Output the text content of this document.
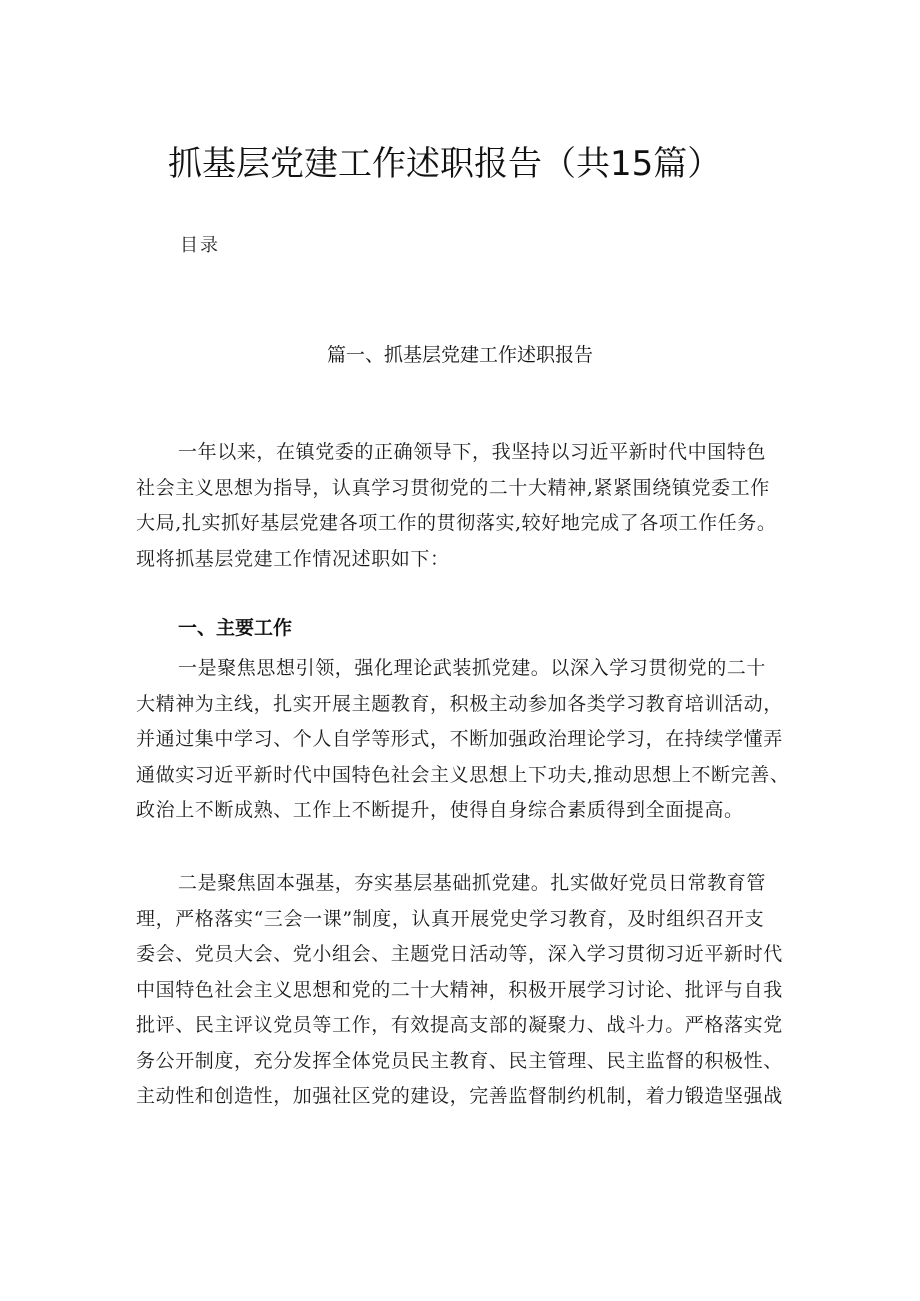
抓基层党建工作述职报告（共15篇）
目录
篇一、抓基层党建工作述职报告
一年以来，在镇党委的正确领导下，我坚持以习近平新时代中国特色
社会主义思想为指导，认真学习贯彻党的二十大精神,紧紧围绕镇党委工作
大局,扎实抓好基层党建各项工作的贯彻落实,较好地完成了各项工作任务。
现将抓基层党建工作情况述职如下：
一、主要工作
一是聚焦思想引领，强化理论武装抓党建。以深入学习贯彻党的二十
大精神为主线，扎实开展主题教育，积极主动参加各类学习教育培训活动，
并通过集中学习、个人自学等形式，不断加强政治理论学习，在持续学懂弄
通做实习近平新时代中国特色社会主义思想上下功夫,推动思想上不断完善、
政治上不断成熟、工作上不断提升，使得自身综合素质得到全面提高。
二是聚焦固本强基，夯实基层基础抓党建。扎实做好党员日常教育管
理，严格落实“三会一课”制度，认真开展党史学习教育，及时组织召开支
委会、党员大会、党小组会、主题党日活动等，深入学习贯彻习近平新时代
中国特色社会主义思想和党的二十大精神，积极开展学习讨论、批评与自我
批评、民主评议党员等工作，有效提高支部的凝聚力、战斗力。严格落实党
务公开制度，充分发挥全体党员民主教育、民主管理、民主监督的积极性、
主动性和创造性，加强社区党的建设，完善监督制约机制，着力锻造坚强战
